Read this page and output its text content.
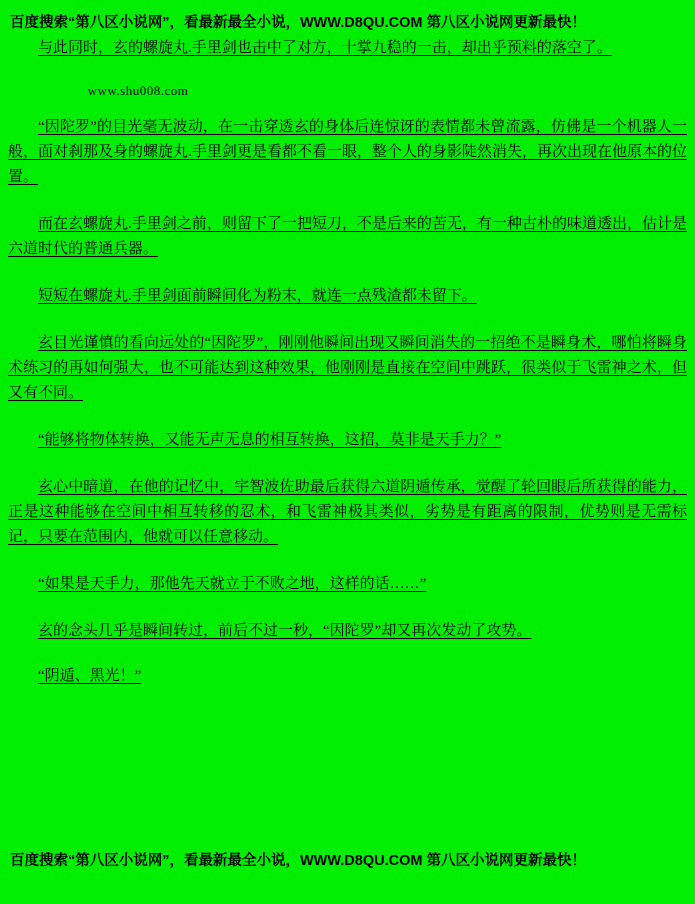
百度搜索“第八区小说网”，看最新最全小说，WWW.D8QU.COM 第八区小说网更新最快！

与此同时，玄的螺旋丸.手里剑也击中了对方，十掌九稳的一击，却出乎预料的落空了。

www.shu008.com

“因陀罗”的目光毫无波动，在一击穿透玄的身体后连惊讶的表情都未曾流露，仿佛是一个机器人一般，面对刹那及身的螺旋丸.手里剑更是看都不看一眼，整个人的身影陡然消失，再次出现在他原本的位置。

而在玄螺旋丸.手里剑之前，则留下了一把短刀，不是后来的苦无，有一种古朴的味道透出，估计是六道时代的普通兵器。

短短在螺旋丸.手里剑面前瞬间化为粉末，就连一点残渣都未留下。

玄目光谨慎的看向远处的“因陀罗”，刚刚他瞬间出现又瞬间消失的一招绝不是瞬身术，哪怕将瞬身术练习的再如何强大，也不可能达到这种效果，他刚刚是直接在空间中跳跃，很类似于飞雷神之术，但又有不同。

“能够将物体转换，又能无声无息的相互转换，这招，莫非是天手力？”

玄心中暗道，在他的记忆中，宇智波佐助最后获得六道阴遁传承，觉醒了轮回眼后所获得的能力，正是这种能够在空间中相互转移的忍术，和飞雷神极其类似，劣势是有距离的限制，优势则是无需标记，只要在范围内，他就可以任意移动。

“如果是天手力，那他先天就立于不败之地，这样的话……”

玄的念头几乎是瞬间转过，前后不过一秒，“因陀罗”却又再次发动了攻势。

“阴遁、黑光！”

百度搜索“第八区小说网”，看最新最全小说，WWW.D8QU.COM 第八区小说网更新最快！
